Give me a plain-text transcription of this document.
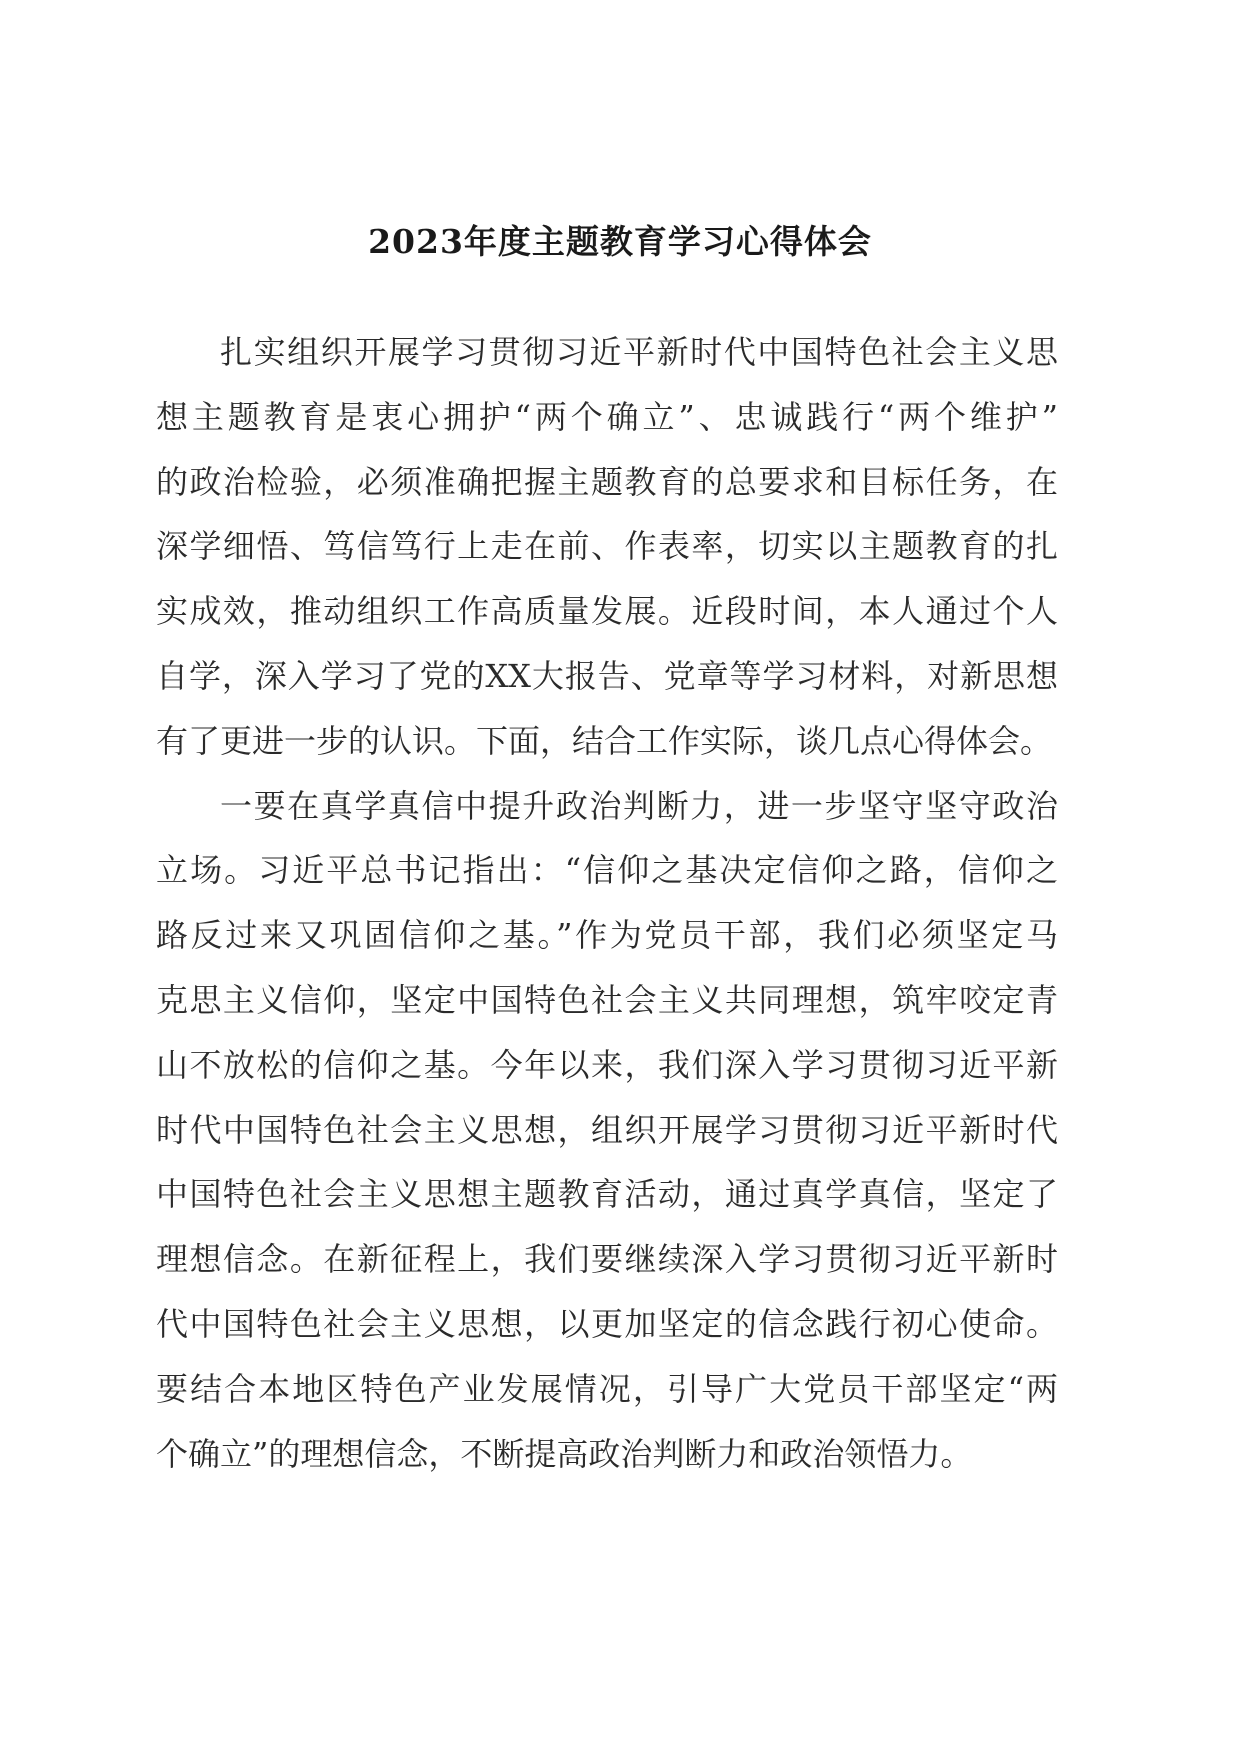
2023年度主题教育学习心得体会
扎实组织开展学习贯彻习近平新时代中国特色社会主义思
想主题教育是衷心拥护“两个确立”、忠诚践行“两个维护”
的政治检验，必须准确把握主题教育的总要求和目标任务，在
深学细悟、笃信笃行上走在前、作表率，切实以主题教育的扎
实成效，推动组织工作高质量发展。近段时间，本人通过个人
自学，深入学习了党的XX大报告、党章等学习材料，对新思想
有了更进一步的认识。下面，结合工作实际，谈几点心得体会。
一要在真学真信中提升政治判断力，进一步坚守坚守政治
立场。习近平总书记指出：“信仰之基决定信仰之路，信仰之
路反过来又巩固信仰之基。”作为党员干部，我们必须坚定马
克思主义信仰，坚定中国特色社会主义共同理想，筑牢咬定青
山不放松的信仰之基。今年以来，我们深入学习贯彻习近平新
时代中国特色社会主义思想，组织开展学习贯彻习近平新时代
中国特色社会主义思想主题教育活动，通过真学真信，坚定了
理想信念。在新征程上，我们要继续深入学习贯彻习近平新时
代中国特色社会主义思想，以更加坚定的信念践行初心使命。
要结合本地区特色产业发展情况，引导广大党员干部坚定“两
个确立”的理想信念，不断提高政治判断力和政治领悟力。
